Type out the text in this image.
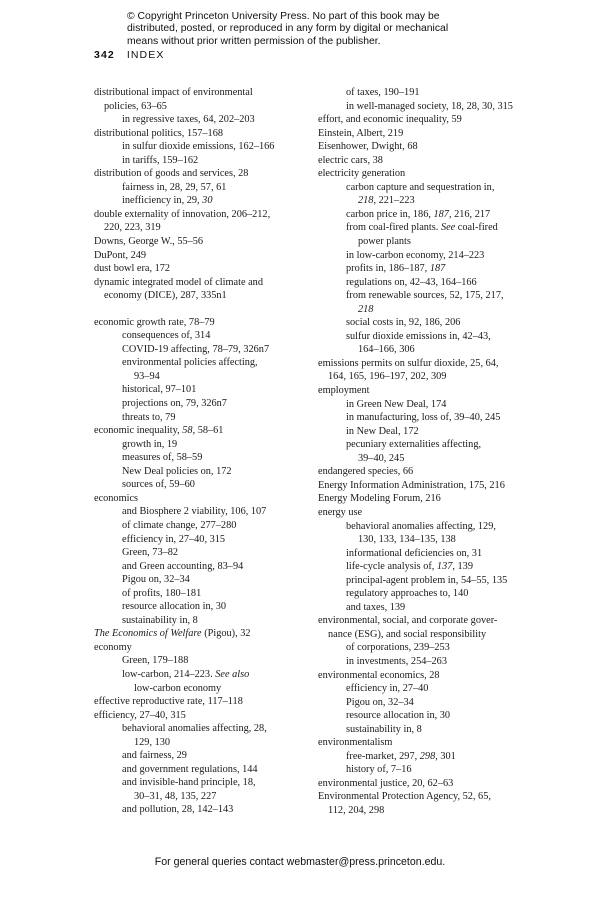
© Copyright Princeton University Press. No part of this book may be
distributed, posted, or reproduced in any form by digital or mechanical
means without prior written permission of the publisher.
342 INDEX
distributional impact of environmental
policies, 63–65
in regressive taxes, 64, 202–203
distributional politics, 157–168
in sulfur dioxide emissions, 162–166
in tariffs, 159–162
distribution of goods and services, 28
fairness in, 28, 29, 57, 61
inefficiency in, 29, 30
double externality of innovation, 206–212,
220, 223, 319
Downs, George W., 55–56
DuPont, 249
dust bowl era, 172
dynamic integrated model of climate and
economy (DICE), 287, 335n1
economic growth rate, 78–79
consequences of, 314
COVID-19 affecting, 78–79, 326n7
environmental policies affecting,
93–94
historical, 97–101
projections on, 79, 326n7
threats to, 79
economic inequality, 58, 58–61
growth in, 19
measures of, 58–59
New Deal policies on, 172
sources of, 59–60
economics
and Biosphere 2 viability, 106, 107
of climate change, 277–280
efficiency in, 27–40, 315
Green, 73–82
and Green accounting, 83–94
Pigou on, 32–34
of profits, 180–181
resource allocation in, 30
sustainability in, 8
The Economics of Welfare (Pigou), 32
economy
Green, 179–188
low-carbon, 214–223. See also
low-carbon economy
effective reproductive rate, 117–118
efficiency, 27–40, 315
behavioral anomalies affecting, 28,
129, 130
and fairness, 29
and government regulations, 144
and invisible-hand principle, 18,
30–31, 48, 135, 227
and pollution, 28, 142–143
of taxes, 190–191
in well-managed society, 18, 28, 30, 315
effort, and economic inequality, 59
Einstein, Albert, 219
Eisenhower, Dwight, 68
electric cars, 38
electricity generation
carbon capture and sequestration in,
218, 221–223
carbon price in, 186, 187, 216, 217
from coal-fired plants. See coal-fired
power plants
in low-carbon economy, 214–223
profits in, 186–187, 187
regulations on, 42–43, 164–166
from renewable sources, 52, 175, 217,
218
social costs in, 92, 186, 206
sulfur dioxide emissions in, 42–43,
164–166, 306
emissions permits on sulfur dioxide, 25, 64,
164, 165, 196–197, 202, 309
employment
in Green New Deal, 174
in manufacturing, loss of, 39–40, 245
in New Deal, 172
pecuniary externalities affecting,
39–40, 245
endangered species, 66
Energy Information Administration, 175, 216
Energy Modeling Forum, 216
energy use
behavioral anomalies affecting, 129,
130, 133, 134–135, 138
informational deficiencies on, 31
life-cycle analysis of, 137, 139
principal-agent problem in, 54–55, 135
regulatory approaches to, 140
and taxes, 139
environmental, social, and corporate gover-
nance (ESG), and social responsibility
of corporations, 239–253
in investments, 254–263
environmental economics, 28
efficiency in, 27–40
Pigou on, 32–34
resource allocation in, 30
sustainability in, 8
environmentalism
free-market, 297, 298, 301
history of, 7–16
environmental justice, 20, 62–63
Environmental Protection Agency, 52, 65,
112, 204, 298
For general queries contact webmaster@press.princeton.edu.
